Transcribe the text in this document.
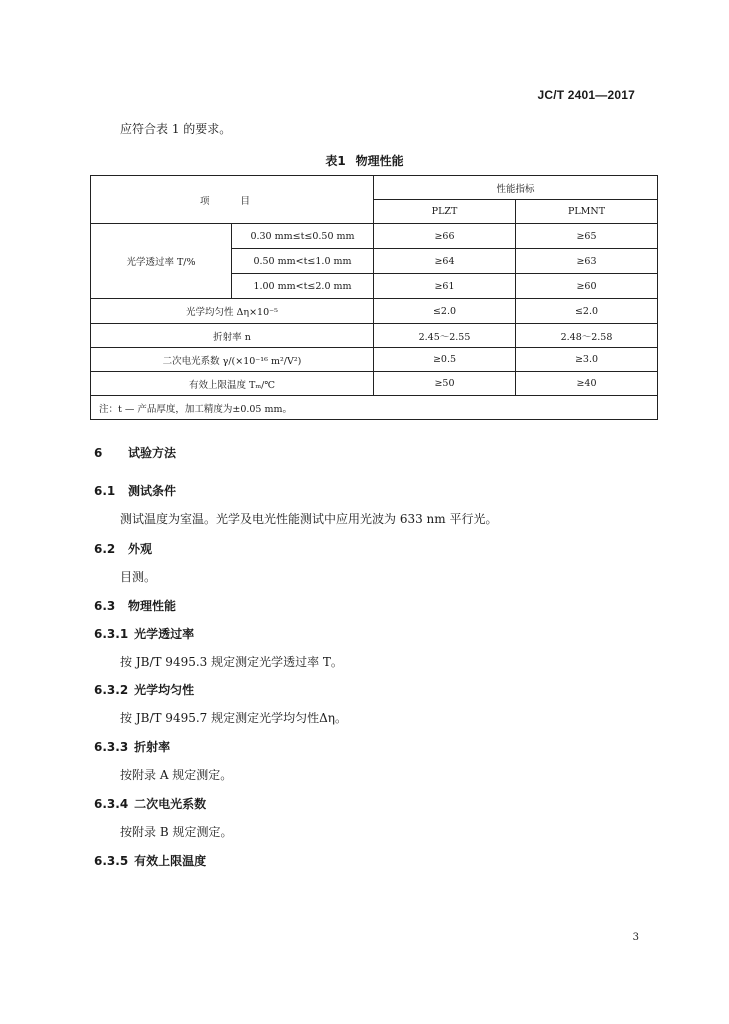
JC/T 2401—2017
应符合表 1 的要求。
表1 物理性能
项 目		性能指标	
		PLZT	PLMNT
光学透过率 T/%	0.30 mm≤t≤0.50 mm	≥66	≥65
	0.50 mm<t≤1.0 mm	≥64	≥63
	1.00 mm<t≤2.0 mm	≥61	≥60
光学均匀性 Δη×10⁻⁵		≤2.0	≤2.0
折射率 n		2.45～2.55	2.48～2.58
二次电光系数 γ/(×10⁻¹⁶ m²/V²)		≥0.5	≥3.0
有效上限温度 Tₘ/℃		≥50	≥40
注：t — 产品厚度，加工精度为±0.05 mm。			
6 试验方法
6.1 测试条件
测试温度为室温。光学及电光性能测试中应用光波为 633 nm 平行光。
6.2 外观
目测。
6.3 物理性能
6.3.1 光学透过率
按 JB/T 9495.3 规定测定光学透过率 T。
6.3.2 光学均匀性
按 JB/T 9495.7 规定测定光学均匀性Δη。
6.3.3 折射率
按附录 A 规定测定。
6.3.4 二次电光系数
按附录 B 规定测定。
6.3.5 有效上限温度
3
